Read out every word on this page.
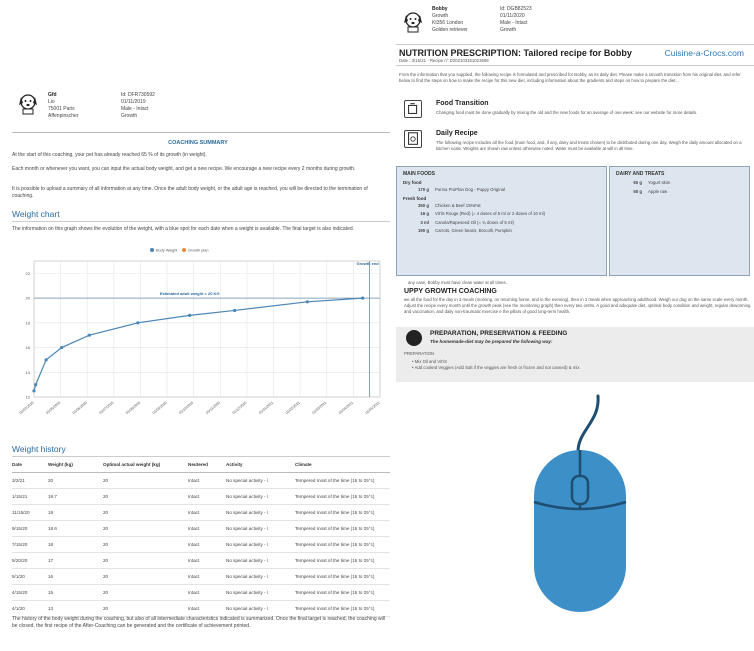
Bobby
Growth
Kt356 London
Golden retriever
Id: DGB82523
01/11/2020
Male - Intact
Growth
NUTRITION PRESCRIPTION: Tailored recipe for Bobby	Cuisine-a-Crocs.com
Date : 3/15/21 - Recipe n° D202103151023608
From the information that you supplied, the following recipe is formulated and prescribed for Bobby, as its daily diet. Please make a smooth transition from his original diet, and refer below to find the steps on how to make the recipe for this new diet, including information about the gradients and steps on how to prepare the diet...
Food Transition
Changing food must be done gradually by mixing the old and the new foods for an average of one week: see our website for more details.
Daily Recipe
The following recipe includes all the food (main food, and, if any, dairy and treats chosen) to be distributed during one day. Weigh the daily amount allocated on a kitchen scale. Weights are shown raw unless otherwise noted. Water must be available at will in all time.
MAIN FOODS
Dry food
170 g Purina ProPlan Dog - Puppy Original
Fresh food
350 g Chicken & Beef 15%Fat
16 g Vit'iS Rouge (Red) (= 4 doses of 5 ml or 2 doses of 10 ml)
3 ml Canola/Rapeseed Oil (= ¾ doses of 5 ml)
190 g Carrots, Green beans, Brocolli, Pumpkin
DAIRY AND TREATS
60 g Yogurt skim
50 g Apple raw
any case, Bobby must have clean water at all times.
UPPY GROWTH COACHING
we all the food for the day in 3 meals (morning, on returning home, and in the evening), then in 2 meals when approaching adulthood. Weigh our dog on the same scale every month. Adjust the recipe every month until the growth peak (see the monitoring graph) then every two onths. A good and adequate diet, optimal body condition and weight, regular deworming and vaccination, and daily non-traumatic exercise e the pillars of good long-term health.
PREPARATION, PRESERVATION & FEEDING
The homemade-diet may be prepared the following way:
PREPARATION
• Mix Oil and Vit'iS
• Add cooked Veggies (Add Salt if the veggies are fresh or frozen and not canned) & mix
Gfd
Lio
75001 Paris
Affenpinscher
Id: DFR730592
01/11/2019
Male - Intact
Growth
COACHING SUMMARY
At the start of this coaching, your pet has already reached 65 % of its growth (in weight).
Each month or whenever you want, you can input the actual body weight, and get a new recipe. We encourage a new recipe every 2 months during growth.
It is possible to upload a summary of all information at any time. Once the adult body weight, or the adult age is reached, you will be directed to the termination of coaching.
Weight chart
The information on this graph shows the evolution of the weight, with a blue spot for each date when a weight is available. The final target is also indicated.
Body Weight	Growth plan
12
14
16
18
20
22
01/03/2020	01/05/2020	01/06/2020	01/07/2020	01/08/2020	01/09/2020	01/10/2020	01/11/2020	01/12/2020	01/01/2021	01/02/2021	01/03/2021	01/04/2021	01/05/2021
Estimated adult weight = 20 KG
Growth end
Weight history
Date	Weight (kg)	Optimal actual weight (kg)	Neutered	Activity	Climate
3/2/21	20	20	Intact	No special activity - /	Tempered most of the time (15 to 25°c)
1/15/21	19.7	20	Intact	No special activity - /	Tempered most of the time (15 to 25°c)
11/15/20	19	20	Intact	No special activity - /	Tempered most of the time (15 to 25°c)
9/15/20	18.6	20	Intact	No special activity - /	Tempered most of the time (15 to 25°c)
7/15/20	18	20	Intact	No special activity - /	Tempered most of the time (15 to 25°c)
5/20/20	17	20	Intact	No special activity - /	Tempered most of the time (15 to 25°c)
5/1/20	16	20	Intact	No special activity - /	Tempered most of the time (15 to 25°c)
4/15/20	15	20	Intact	No special activity - /	Tempered most of the time (15 to 25°c)
4/1/20	13	20	Intact	No special activity - /	Tempered most of the time (15 to 25°c)
The history of the body weight during the coaching, but also of all intermediate characteristics indicated is summarized. Once the final target is reached, the coaching will be closed, the first recipe of the After-Coaching can be generated and the certificate of achievement printed.
